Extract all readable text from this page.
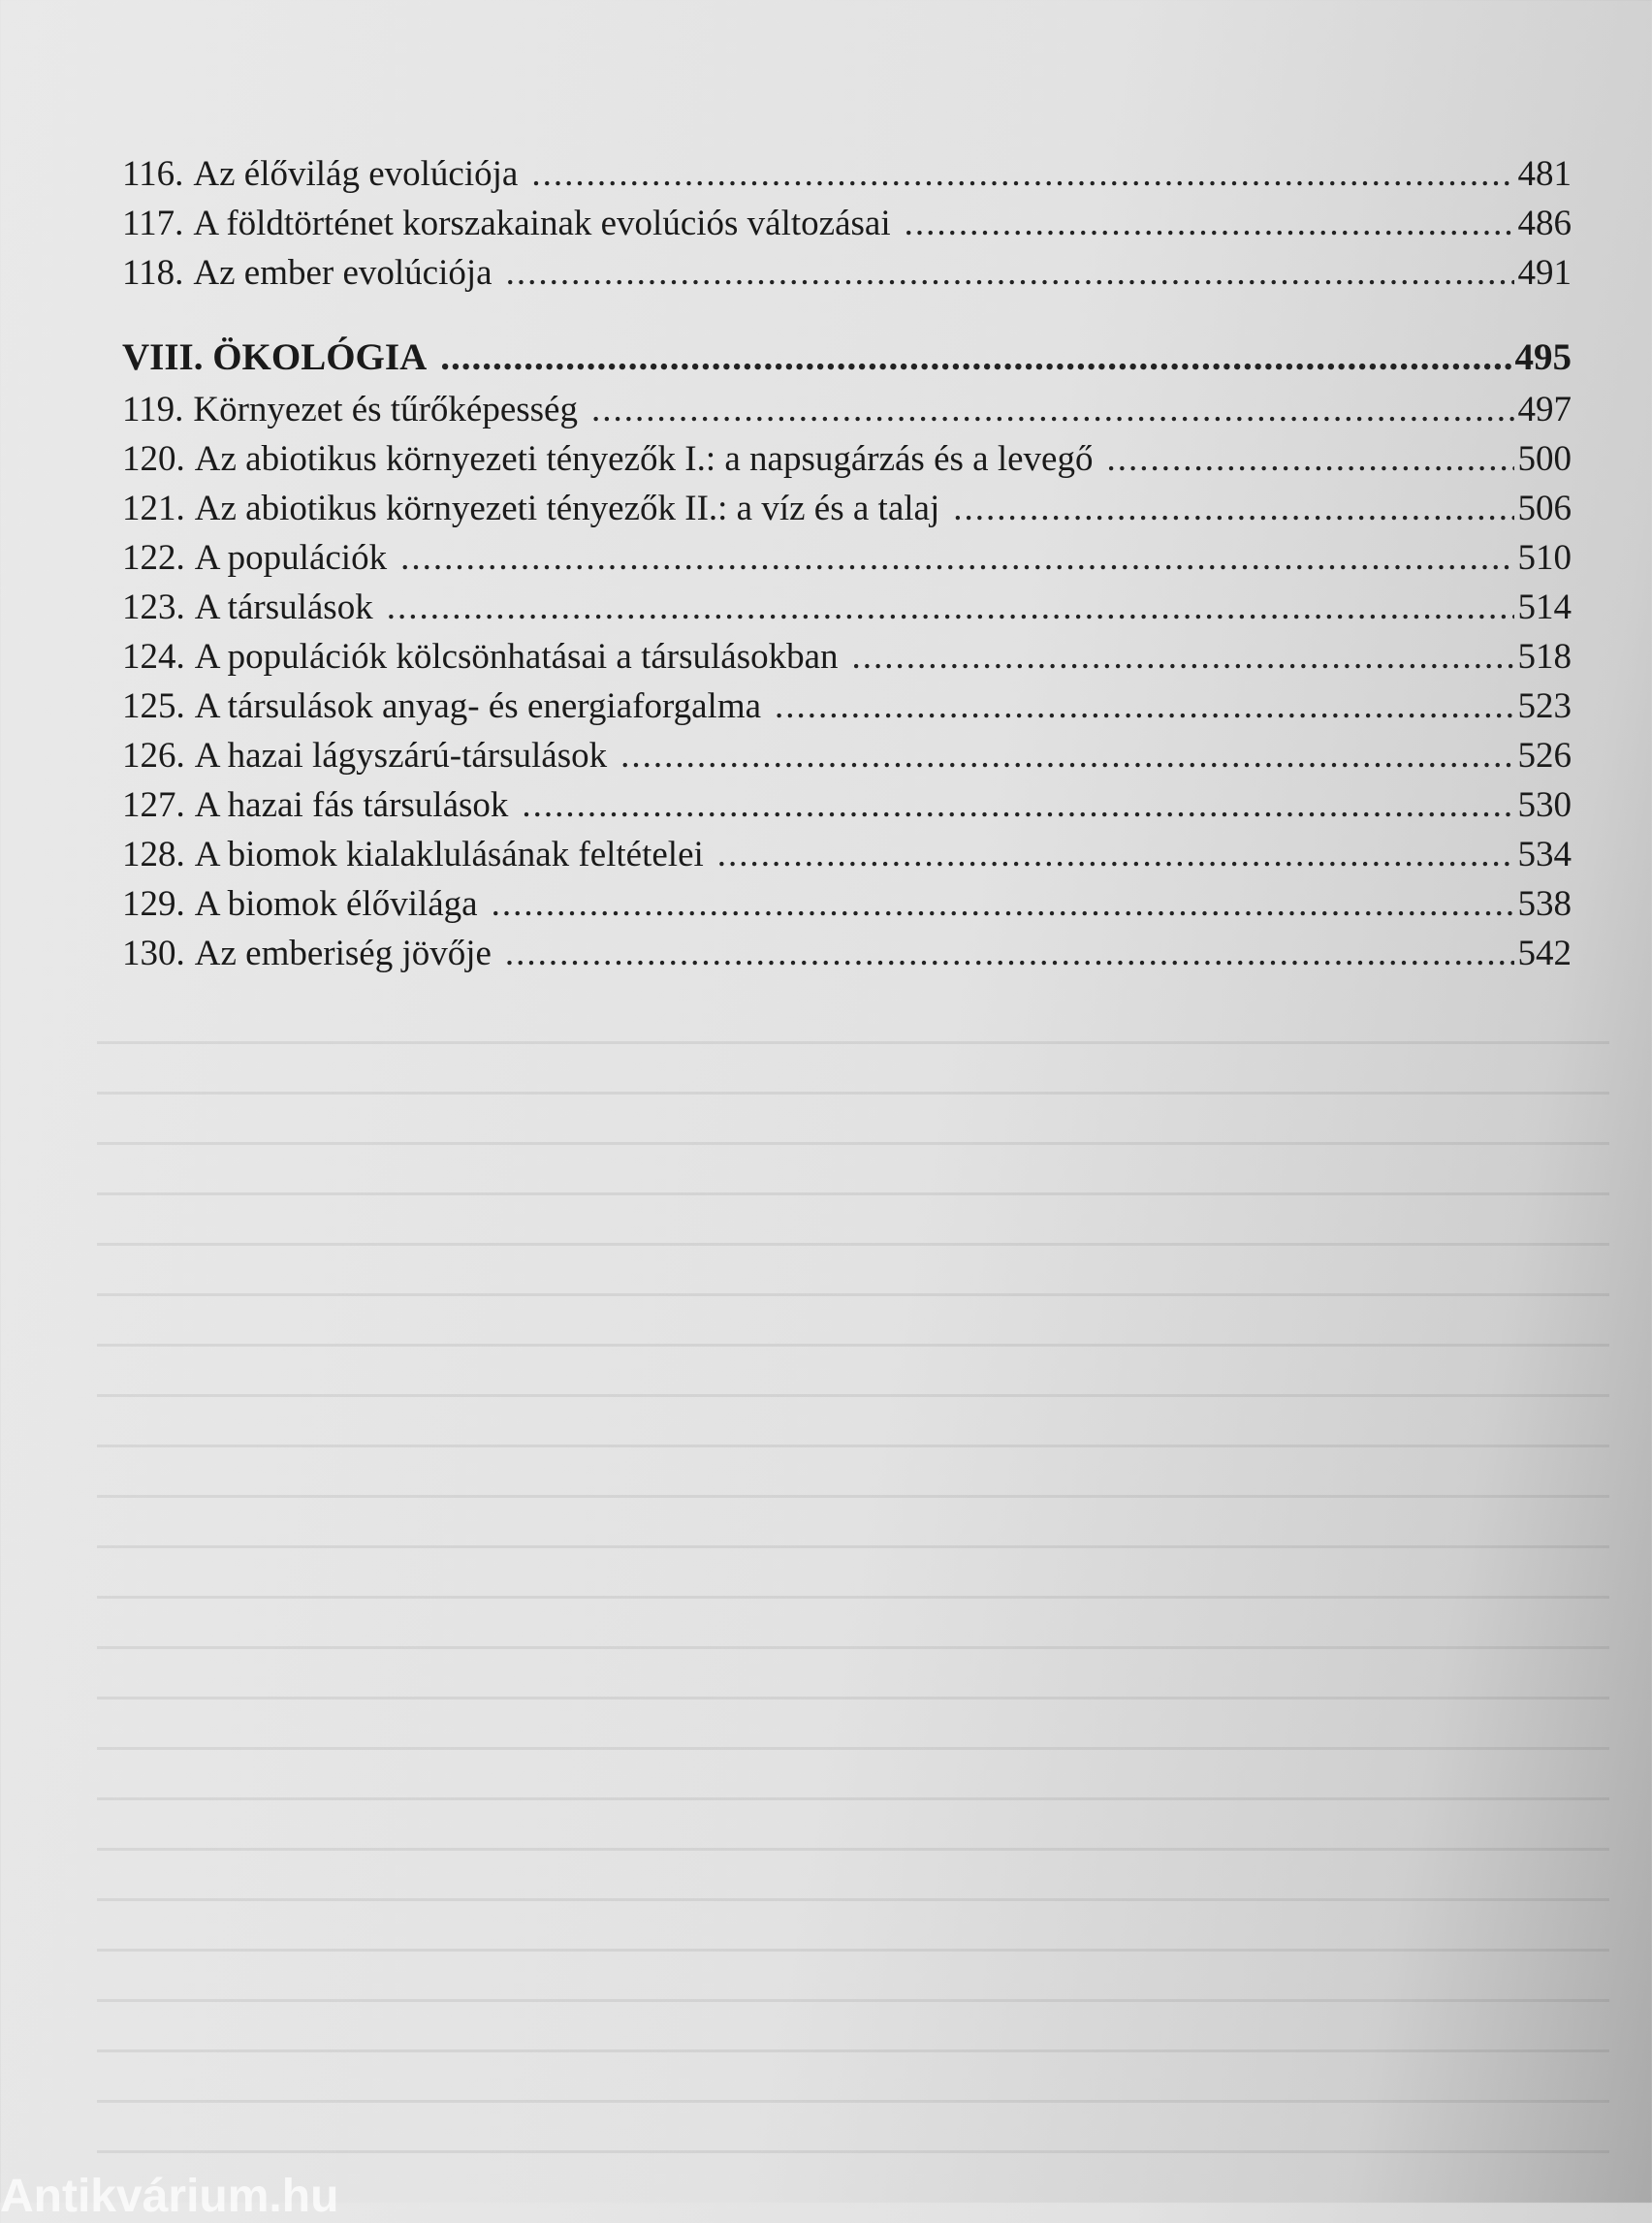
116. Az élővilág evolúciója .....	481
117. A földtörténet korszakainak evolúciós változásai .....	486
118. Az ember evolúciója .....	491
VIII. ÖKOLÓGIA .....	495
119. Környezet és tűrőképesség .....	497
120. Az abiotikus környezeti tényezők I.: a napsugárzás és a levegő .....	500
121. Az abiotikus környezeti tényezők II.: a víz és a talaj .....	506
122. A populációk .....	510
123. A társulások .....	514
124. A populációk kölcsönhatásai a társulásokban .....	518
125. A társulások anyag- és energiaforgalma .....	523
126. A hazai lágyszárú-társulások .....	526
127. A hazai fás társulások .....	530
128. A biomok kialaklulásának feltételei .....	534
129. A biomok élővilága .....	538
130. Az emberiség jövője .....	542
Antikvárium.hu
